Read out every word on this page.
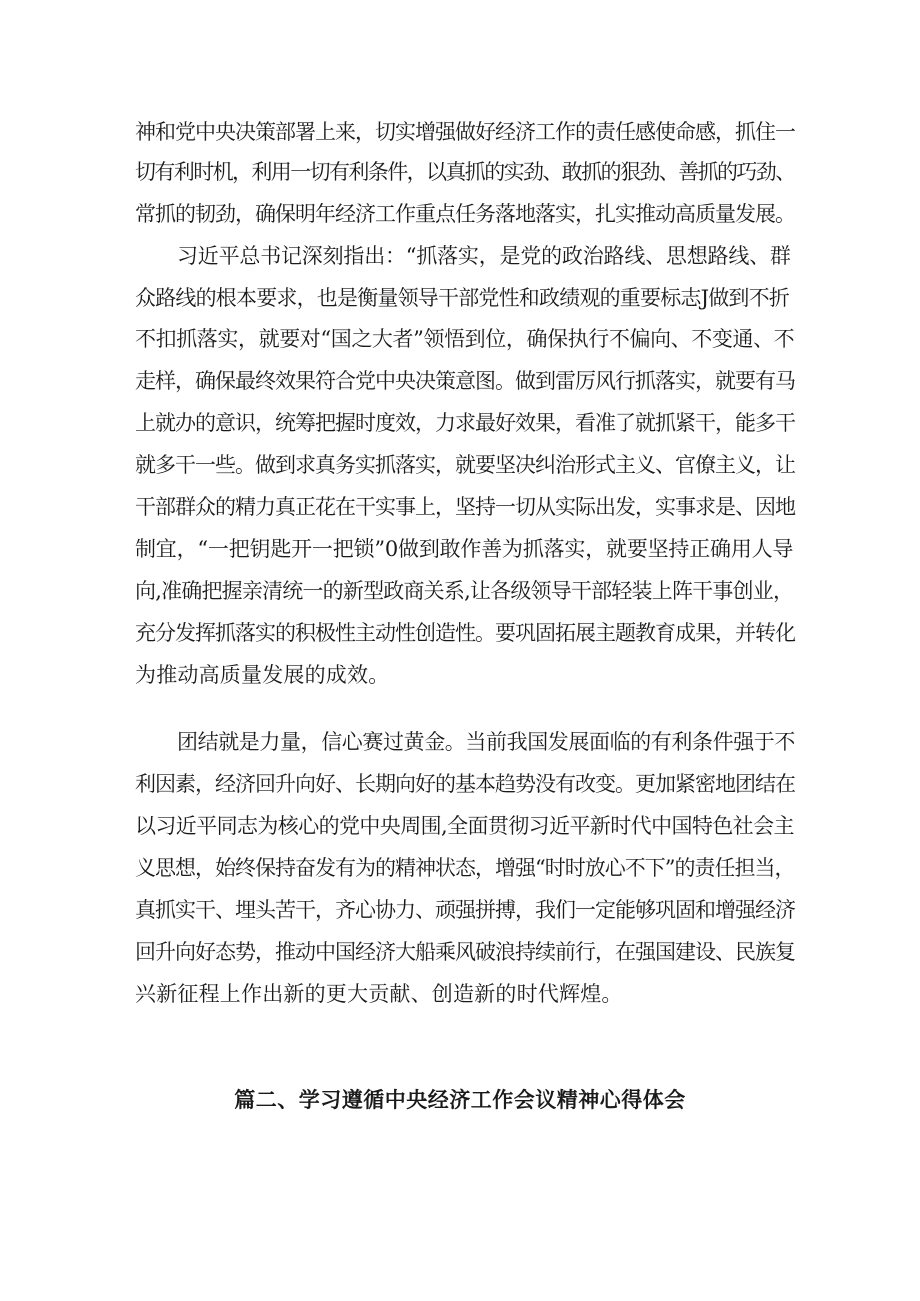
神和党中央决策部署上来，切实增强做好经济工作的责任感使命感，抓住一
切有利时机，利用一切有利条件，以真抓的实劲、敢抓的狠劲、善抓的巧劲、
常抓的韧劲，确保明年经济工作重点任务落地落实，扎实推动高质量发展。
习近平总书记深刻指出：“抓落实，是党的政治路线、思想路线、群
众路线的根本要求，也是衡量领导干部党性和政绩观的重要标志J做到不折
不扣抓落实，就要对“国之大者”领悟到位，确保执行不偏向、不变通、不
走样，确保最终效果符合党中央决策意图。做到雷厉风行抓落实，就要有马
上就办的意识，统筹把握时度效，力求最好效果，看准了就抓紧干，能多干
就多干一些。做到求真务实抓落实，就要坚决纠治形式主义、官僚主义，让
干部群众的精力真正花在干实事上，坚持一切从实际出发，实事求是、因地
制宜，“一把钥匙开一把锁”0做到敢作善为抓落实，就要坚持正确用人导
向,准确把握亲清统一的新型政商关系,让各级领导干部轻装上阵干事创业，
充分发挥抓落实的积极性主动性创造性。要巩固拓展主题教育成果，并转化
为推动高质量发展的成效。
团结就是力量，信心赛过黄金。当前我国发展面临的有利条件强于不
利因素，经济回升向好、长期向好的基本趋势没有改变。更加紧密地团结在
以习近平同志为核心的党中央周围,全面贯彻习近平新时代中国特色社会主
义思想，始终保持奋发有为的精神状态，增强“时时放心不下”的责任担当，
真抓实干、埋头苦干，齐心协力、顽强拼搏，我们一定能够巩固和增强经济
回升向好态势，推动中国经济大船乘风破浪持续前行，在强国建设、民族复
兴新征程上作出新的更大贡献、创造新的时代辉煌。
篇二、学习遵循中央经济工作会议精神心得体会
